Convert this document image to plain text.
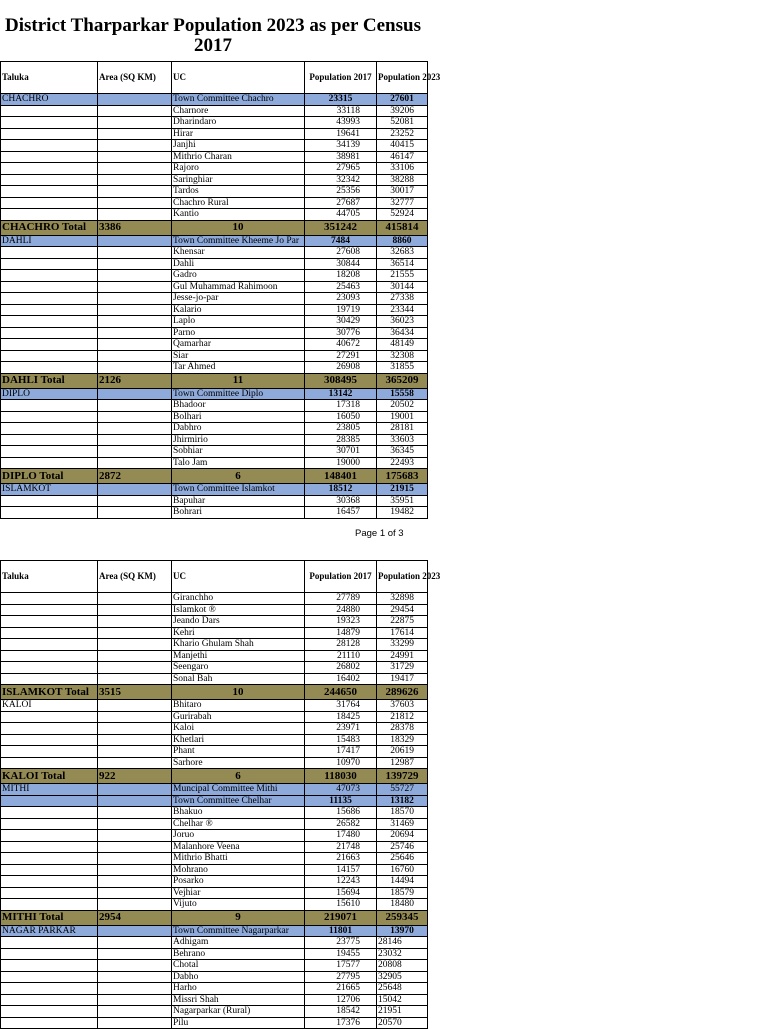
District Tharparkar Population 2023 as per Census 2017
Taluka	Area (SQ KM)	UC	Population 2017	Population 2023
CHACHRO		Town Committee Chachro	23315	27601
		Charnore	33118	39206
		Dharindaro	43993	52081
		Hirar	19641	23252
		Janjhi	34139	40415
		Mithrio Charan	38981	46147
		Rajoro	27965	33106
		Saringhiar	32342	38288
		Tardos	25356	30017
		Chachro Rural	27687	32777
		Kantio	44705	52924
CHACHRO Total	3386	10	351242	415814
DAHLI		Town Committee Kheeme Jo Par	7484	8860
		Khensar	27608	32683
		Dahli	30844	36514
		Gadro	18208	21555
		Gul Muhammad Rahimoon	25463	30144
		Jesse-jo-par	23093	27338
		Kalario	19719	23344
		Laplo	30429	36023
		Parno	30776	36434
		Qamarhar	40672	48149
		Siar	27291	32308
		Tar Ahmed	26908	31855
DAHLI Total	2126	11	308495	365209
DIPLO		Town Committee Diplo	13142	15558
		Bhadoor	17318	20502
		Bolhari	16050	19001
		Dabhro	23805	28181
		Jhirmirio	28385	33603
		Sobhiar	30701	36345
		Talo Jam	19000	22493
DIPLO Total	2872	6	148401	175683
ISLAMKOT		Town Committee Islamkot	18512	21915
		Bapuhar	30368	35951
		Bohrari	16457	19482
Page 1 of 3
Taluka	Area (SQ KM)	UC	Population 2017	Population 2023
		Giranchho	27789	32898
		Islamkot ®	24880	29454
		Jeando Dars	19323	22875
		Kehri	14879	17614
		Khario Ghulam Shah	28128	33299
		Manjethi	21110	24991
		Seengaro	26802	31729
		Sonal Bah	16402	19417
ISLAMKOT Total	3515	10	244650	289626
KALOI		Bhitaro	31764	37603
		Gurirabah	18425	21812
		Kaloi	23971	28378
		Khetlari	15483	18329
		Phant	17417	20619
		Sarhore	10970	12987
KALOI Total	922	6	118030	139729
MITHI		Muncipal Committee Mithi	47073	55727
		Town Committee Chelhar	11135	13182
		Bhakuo	15686	18570
		Chelhar ®	26582	31469
		Joruo	17480	20694
		Malanhore Veena	21748	25746
		Mithrio Bhatti	21663	25646
		Mohrano	14157	16760
		Posarko	12243	14494
		Vejhiar	15694	18579
		Vijuto	15610	18480
MITHI Total	2954	9	219071	259345
NAGAR PARKAR		Town Committee Nagarparkar	11801	13970
		Adhigam	23775	28146
		Behrano	19455	23032
		Chotal	17577	20808
		Dabho	27795	32905
		Harho	21665	25648
		Missri Shah	12706	15042
		Nagarparkar (Rural)	18542	21951
		Pilu	17376	20570
